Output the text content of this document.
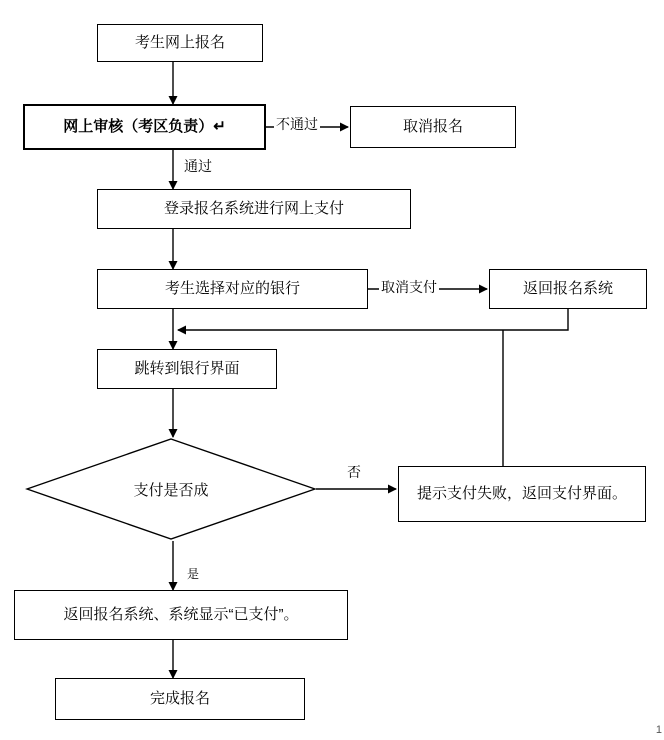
考生网上报名
网上审核（考区负责）↵	取消报名
登录报名系统进行网上支付
考生选择对应的银行	返回报名系统
跳转到银行界面
支付是否成	提示支付失败，返回支付界面。
返回报名系统、系统显示“已支付”。
完成报名
不通过
通过
取消支付
否
是
1
